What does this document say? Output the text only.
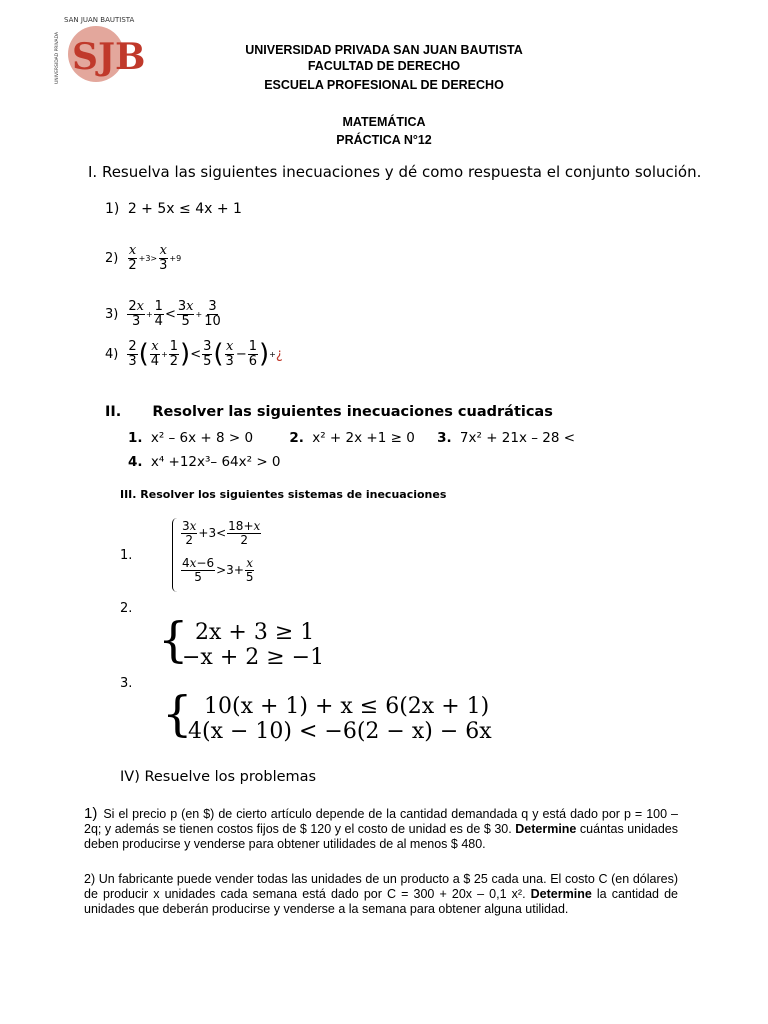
SJB
SAN JUAN BAUTISTA
UNIVERSIDAD PRIVADA	UNIVERSIDAD PRIVADA SAN JUAN BAUTISTA
FACULTAD DE DERECHO
ESCUELA PROFESIONAL DE DERECHO
MATEMÁTICA
PRÁCTICA N°12
I. Resuelva las siguientes inecuaciones y dé como respuesta el conjunto solución.
1) 2 + 5x ≤ 4x + 1
$2) \frac{x}{2} +3> \frac{x}{3} +9$
$3) \frac{2x}{3} + \frac{1}{4} < \frac{3x}{5} + \frac{3}{10}$
$4) \frac{2}{3}$ ( $\frac{x}{4} + \frac{1}{2}$ ) < $\frac{3}{5}$ ( $\frac{x}{3} - \frac{1}{6}$ ) + ¿
II. Resolver las siguientes inecuaciones cuadráticas
1. x² – 6x + 8 > 0	2. x² + 2x +1 ≥ 0 3. 7x² + 21x – 28 <
4. x⁴ +12x³– 64x² > 0
III. Resolver los siguientes sistemas de inecuaciones
1.
$\frac{3x}{2} +3< \frac{18+x}{2}$
$\frac{4x-6}{5} >3+ \frac{x}{5}$
2.
{ 2x + 3 ≥ 1
−x + 2 ≥ −1
3.
{ 10(x + 1) + x ≤ 6(2x + 1)
4(x − 10) < −6(2 − x) − 6x
IV) Resuelve los problemas
1) Si el precio p (en $) de cierto artículo depende de la cantidad demandada q y está dado por p = 100 – 2q; y además se tienen costos fijos de $ 120 y el costo de unidad es de $ 30. Determine cuántas unidades deben producirse y venderse para obtener utilidades de al menos $ 480.
2) Un fabricante puede vender todas las unidades de un producto a $ 25 cada una. El costo C (en dólares) de producir x unidades cada semana está dado por C = 300 + 20x – 0,1 x². Determine la cantidad de unidades que deberán producirse y venderse a la semana para obtener alguna utilidad.
